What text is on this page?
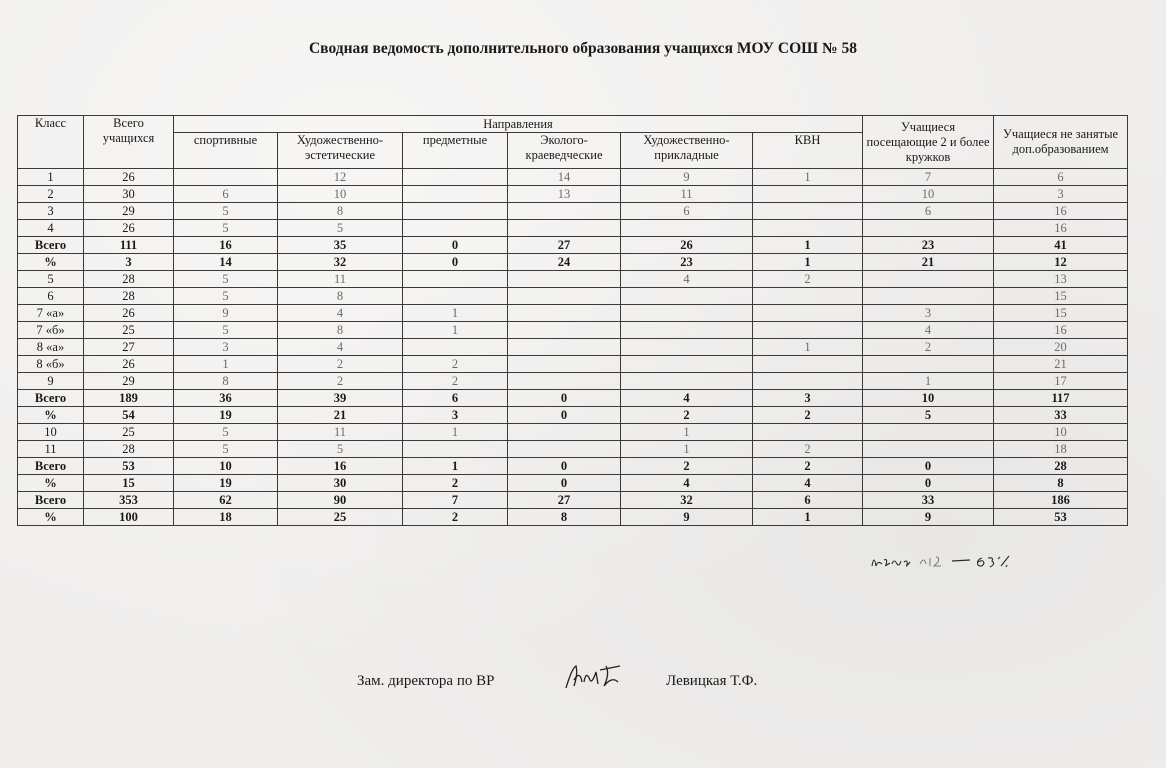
Сводная ведомость дополнительного образования учащихся МОУ СОШ № 58
Класс	Всего учащихся	Направления						Учащиеся посещающие 2 и более кружков	Учащиеся не занятые доп.образованием
		спортивные	Художественно-эстетические	предметные	Эколого-краеведческие	Художественно-прикладные	КВН		
1	26		12		14	9	1	7	6
2	30	6	10		13	11		10	3
3	29	5	8			6		6	16
4	26	5	5						16
Всего	111	16	35	0	27	26	1	23	41
%	3	14	32	0	24	23	1	21	12
5	28	5	11			4	2		13
6	28	5	8						15
7 «а»	26	9	4	1				3	15
7 «б»	25	5	8	1				4	16
8 «а»	27	3	4				1	2	20
8 «б»	26	1	2	2					21
9	29	8	2	2				1	17
Всего	189	36	39	6	0	4	3	10	117
%	54	19	21	3	0	2	2	5	33
10	25	5	11	1		1			10
11	28	5	5			1	2		18
Всего	53	10	16	1	0	2	2	0	28
%	15	19	30	2	0	4	4	0	8
Всего	353	62	90	7	27	32	6	33	186
%	100	18	25	2	8	9	1	9	53
Зам. директора по ВР	Левицкая Т.Ф.
